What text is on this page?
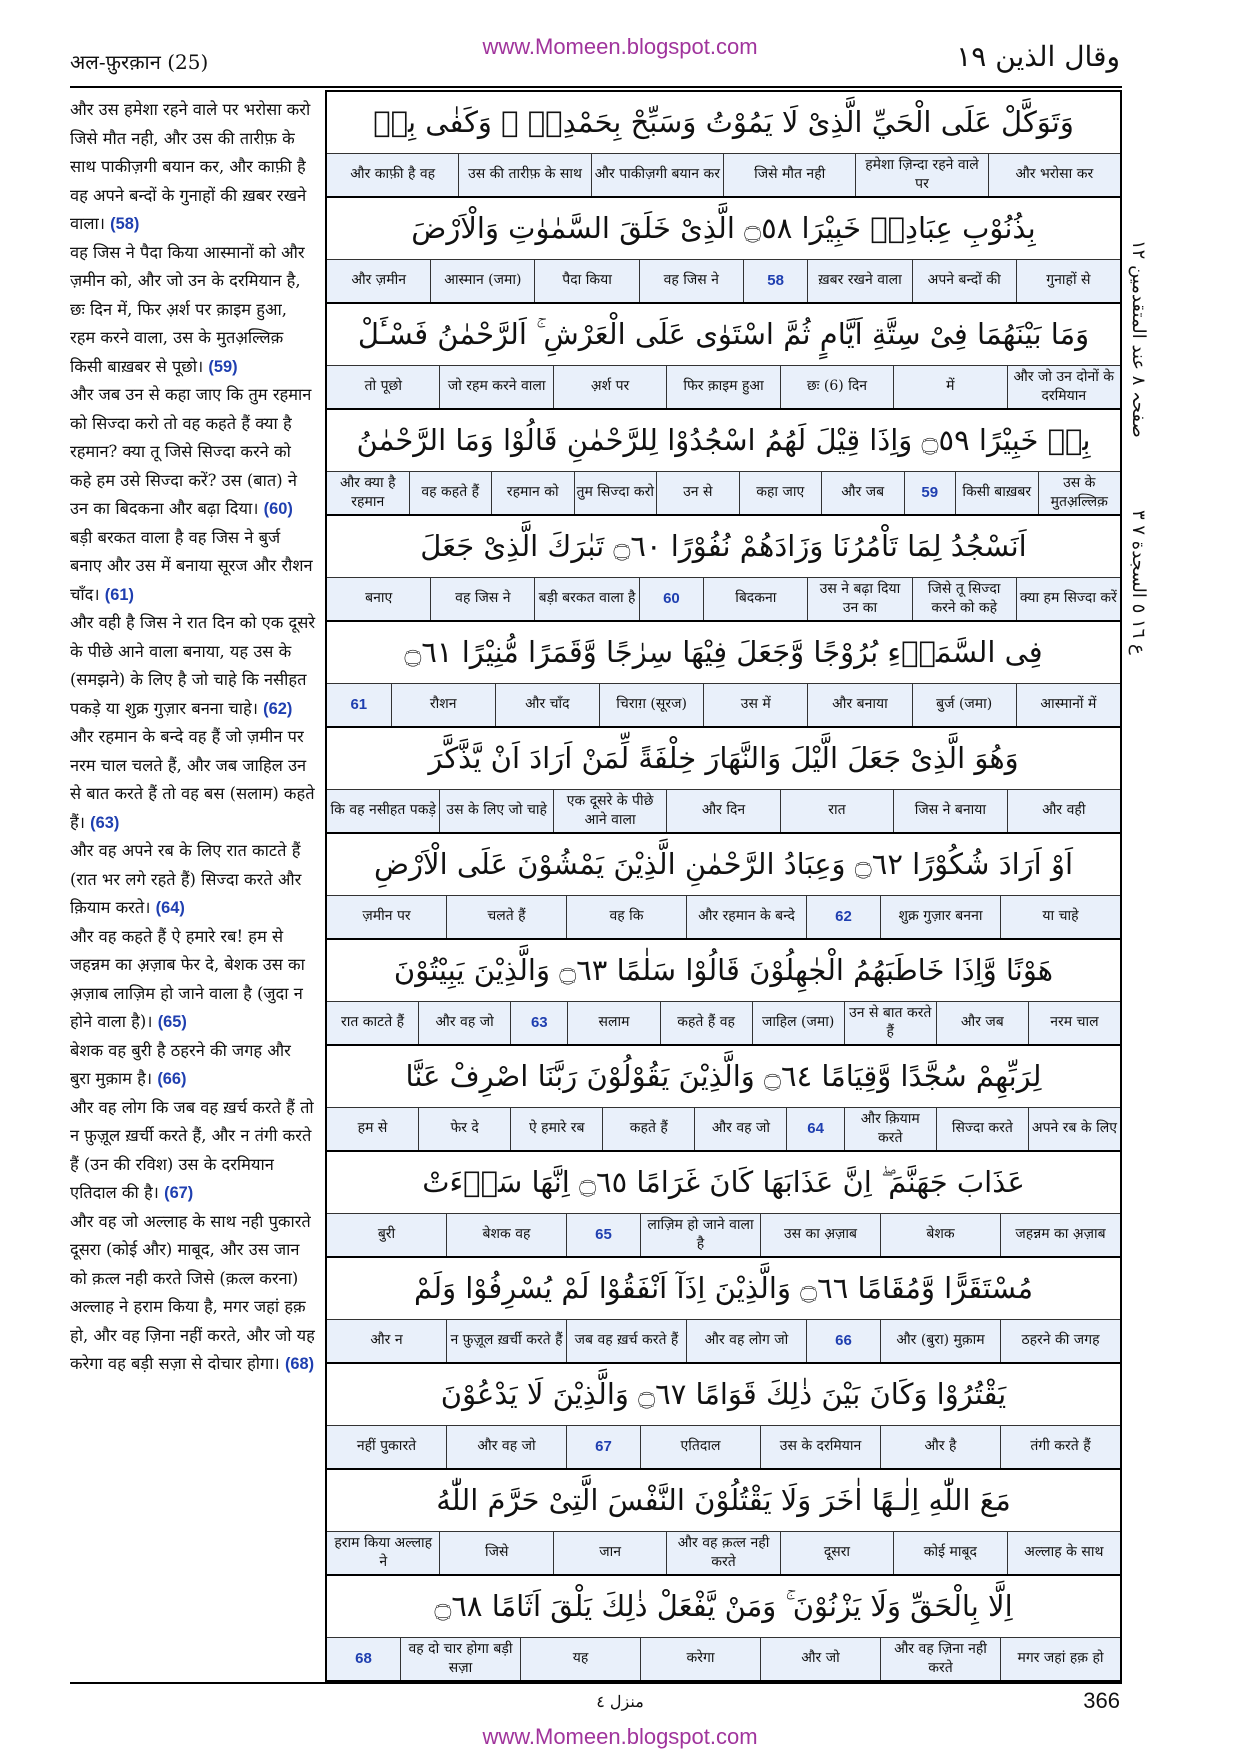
अल-फ़ुरक़ान (25)
www.Momeen.blogspot.com	وقال الذين ١٩

और उस हमेशा रहने वाले पर भरोसा करो जिसे मौत नही, और उस की तारीफ़ के साथ पाकीज़गी बयान कर, और काफ़ी है वह अपने बन्दों के गुनाहों की ख़बर रखने वाला। (58)

वह जिस ने पैदा किया आस्मानों को और ज़मीन को, और जो उन के दरमियान है, छः दिन में, फिर अ़र्श पर क़ाइम हुआ, रहम करने वाला, उस के मुतअ़ल्लिक़ किसी बाख़बर से पूछो। (59)

और जब उन से कहा जाए कि तुम रहमान को सिज्दा करो तो वह कहते हैं क्या है रहमान? क्या तू जिसे सिज्दा करने को कहे हम उसे सिज्दा करें? उस (बात) ने उन का बिदकना और बढ़ा दिया। (60)

बड़ी बरकत वाला है वह जिस ने बुर्ज बनाए और उस में बनाया सूरज और रौशन चाँद। (61)

और वही है जिस ने रात दिन को एक दूसरे के पीछे आने वाला बनाया, यह उस के (समझने) के लिए है जो चाहे कि नसीहत पकड़े या शुक्र गुज़ार बनना चाहे। (62)

और रहमान के बन्दे वह हैं जो ज़मीन पर नरम चाल चलते हैं, और जब जाहिल उन से बात करते हैं तो वह बस (सलाम) कहते हैं। (63)

और वह अपने रब के लिए रात काटते हैं (रात भर लगे रहते हैं) सिज्दा करते और क़ियाम करते। (64)

और वह कहते हैं ऐ हमारे रब! हम से जहन्नम का अ़ज़ाब फेर दे, बेशक उस का अ़ज़ाब लाज़िम हो जाने वाला है (जुदा न होने वाला है)। (65)

बेशक वह बुरी है ठहरने की जगह और बुरा मुक़ाम है। (66)

और वह लोग कि जब वह ख़र्च करते हैं तो न फ़ुज़ूल ख़र्ची करते हैं, और न तंगी करते हैं (उन की रविश) उस के दरमियान एतिदाल की है। (67)

और वह जो अल्लाह के साथ नही पुकारते दूसरा (कोई और) माबूद, और उस जान को क़त्ल नही करते जिसे (क़त्ल करना) अल्लाह ने हराम किया है, मगर जहां हक़ हो, और वह ज़िना नहीं करते, और जो यह करेगा वह बड़ी सज़ा से दोचार होगा। (68)

وَتَوَكَّلْ عَلَى الْحَيِّ الَّذِىْ لَا يَمُوْتُ وَسَبِّحْ بِحَمْدِهٖ ۭ وَكَفٰى بِهٖ
और भरोसा कर
हमेशा ज़िन्दा रहने वाले पर
जिसे मौत नही
और पाकीज़गी बयान कर
उस की तारीफ़ के साथ
और काफ़ी है वह
بِذُنُوْبِ عِبَادِهٖ خَبِيْرَا ۝٥٨ الَّذِىْ خَلَقَ السَّمٰوٰتِ وَالْاَرْضَ
गुनाहों से
अपने बन्दों की
ख़बर रखने वाला
58
वह जिस ने
पैदा किया
आस्मान (जमा)
और ज़मीन
وَمَا بَيْنَهُمَا فِىْ سِتَّةِ اَيَّامٍ ثُمَّ اسْتَوٰى عَلَى الْعَرْشِ ۚ اَلرَّحْمٰنُ فَسْـَٔلْ
और जो उन दोनों के दरमियान
में
छः (6) दिन
फिर क़ाइम हुआ
अ़र्श पर
जो रहम करने वाला
तो पूछो
بِهٖ خَبِيْرًا ۝٥٩ وَاِذَا قِيْلَ لَهُمُ اسْجُدُوْا لِلرَّحْمٰنِ قَالُوْا وَمَا الرَّحْمٰنُ
उस के मुतअ़ल्लिक़
किसी बाख़बर
59
और जब
कहा जाए
उन से
तुम सिज्दा करो
रहमान को
वह कहते हैं
और क्या है रहमान
اَنَسْجُدُ لِمَا تَاْمُرُنَا وَزَادَهُمْ نُفُوْرًا ۝٦٠ تَبٰرَكَ الَّذِىْ جَعَلَ
क्या हम सिज्दा करें
जिसे तू सिज्दा करने को कहे
उस ने बढ़ा दिया उन का
बिदकना
60
बड़ी बरकत वाला है
वह जिस ने
बनाए
فِى السَّمَاۗءِ بُرُوْجًا وَّجَعَلَ فِيْهَا سِرٰجًا وَّقَمَرًا مُّنِيْرًا ۝٦١
आस्मानों में
बुर्ज (जमा)
और बनाया
उस में
चिराग़ (सूरज)
और चाँद
रौशन
61
وَهُوَ الَّذِىْ جَعَلَ الَّيْلَ وَالنَّهَارَ خِلْفَةً لِّمَنْ اَرَادَ اَنْ يَّذَّكَّرَ
और वही
जिस ने बनाया
रात
और दिन
एक दूसरे के पीछे आने वाला
उस के लिए जो चाहे
कि वह नसीहत पकड़े
اَوْ اَرَادَ شُكُوْرًا ۝٦٢ وَعِبَادُ الرَّحْمٰنِ الَّذِيْنَ يَمْشُوْنَ عَلَى الْاَرْضِ
या चाहे
शुक्र गुज़ार बनना
62
और रहमान के बन्दे
वह कि
चलते हैं
ज़मीन पर
هَوْنًا وَّاِذَا خَاطَبَهُمُ الْجٰهِلُوْنَ قَالُوْا سَلٰمًا ۝٦٣ وَالَّذِيْنَ يَبِيْتُوْنَ
नरम चाल
और जब
उन से बात करते हैं
जाहिल (जमा)
कहते हैं वह
सलाम
63
और वह जो
रात काटते हैं
لِرَبِّهِمْ سُجَّدًا وَّقِيَامًا ۝٦٤ وَالَّذِيْنَ يَقُوْلُوْنَ رَبَّنَا اصْرِفْ عَنَّا
अपने रब के लिए
सिज्दा करते
और क़ियाम करते
64
और वह जो
कहते हैं
ऐ हमारे रब
फेर दे
हम से
عَذَابَ جَهَنَّمَ ۖ اِنَّ عَذَابَهَا كَانَ غَرَامًا ۝٦٥ اِنَّهَا سَاۗءَتْ
जहन्नम का अ़ज़ाब
बेशक
उस का अ़ज़ाब
लाज़िम हो जाने वाला है
65
बेशक वह
बुरी
مُسْتَقَرًّا وَّمُقَامًا ۝٦٦ وَالَّذِيْنَ اِذَآ اَنْفَقُوْا لَمْ يُسْرِفُوْا وَلَمْ
ठहरने की जगह
और (बुरा) मुक़ाम
66
और वह लोग जो
जब वह ख़र्च करते हैं
न फ़ुज़ूल ख़र्ची करते हैं
और न
يَقْتُرُوْا وَكَانَ بَيْنَ ذٰلِكَ قَوَامًا ۝٦٧ وَالَّذِيْنَ لَا يَدْعُوْنَ
तंगी करते हैं
और है
उस के दरमियान
एतिदाल
67
और वह जो
नहीं पुकारते
مَعَ اللّٰهِ اِلٰـهًا اٰخَرَ وَلَا يَقْتُلُوْنَ النَّفْسَ الَّتِىْ حَرَّمَ اللّٰهُ
अल्लाह के साथ
कोई माबूद
दूसरा
और वह क़त्ल नही करते
जान
जिसे
हराम किया अल्लाह ने
اِلَّا بِالْحَقِّ وَلَا يَزْنُوْنَ ۚ وَمَنْ يَّفْعَلْ ذٰلِكَ يَلْقَ اَثَامًا ۝٦٨
मगर जहां हक़ हो
और वह ज़िना नही करते
और जो
करेगा
यह
वह दो चार होगा बड़ी सज़ा
68
صفحہ ٨ عند المتقدمين ١٢
ع ١٦ ٥ السجدة ٧ ٣
منزل ٤	366
www.Momeen.blogspot.com
